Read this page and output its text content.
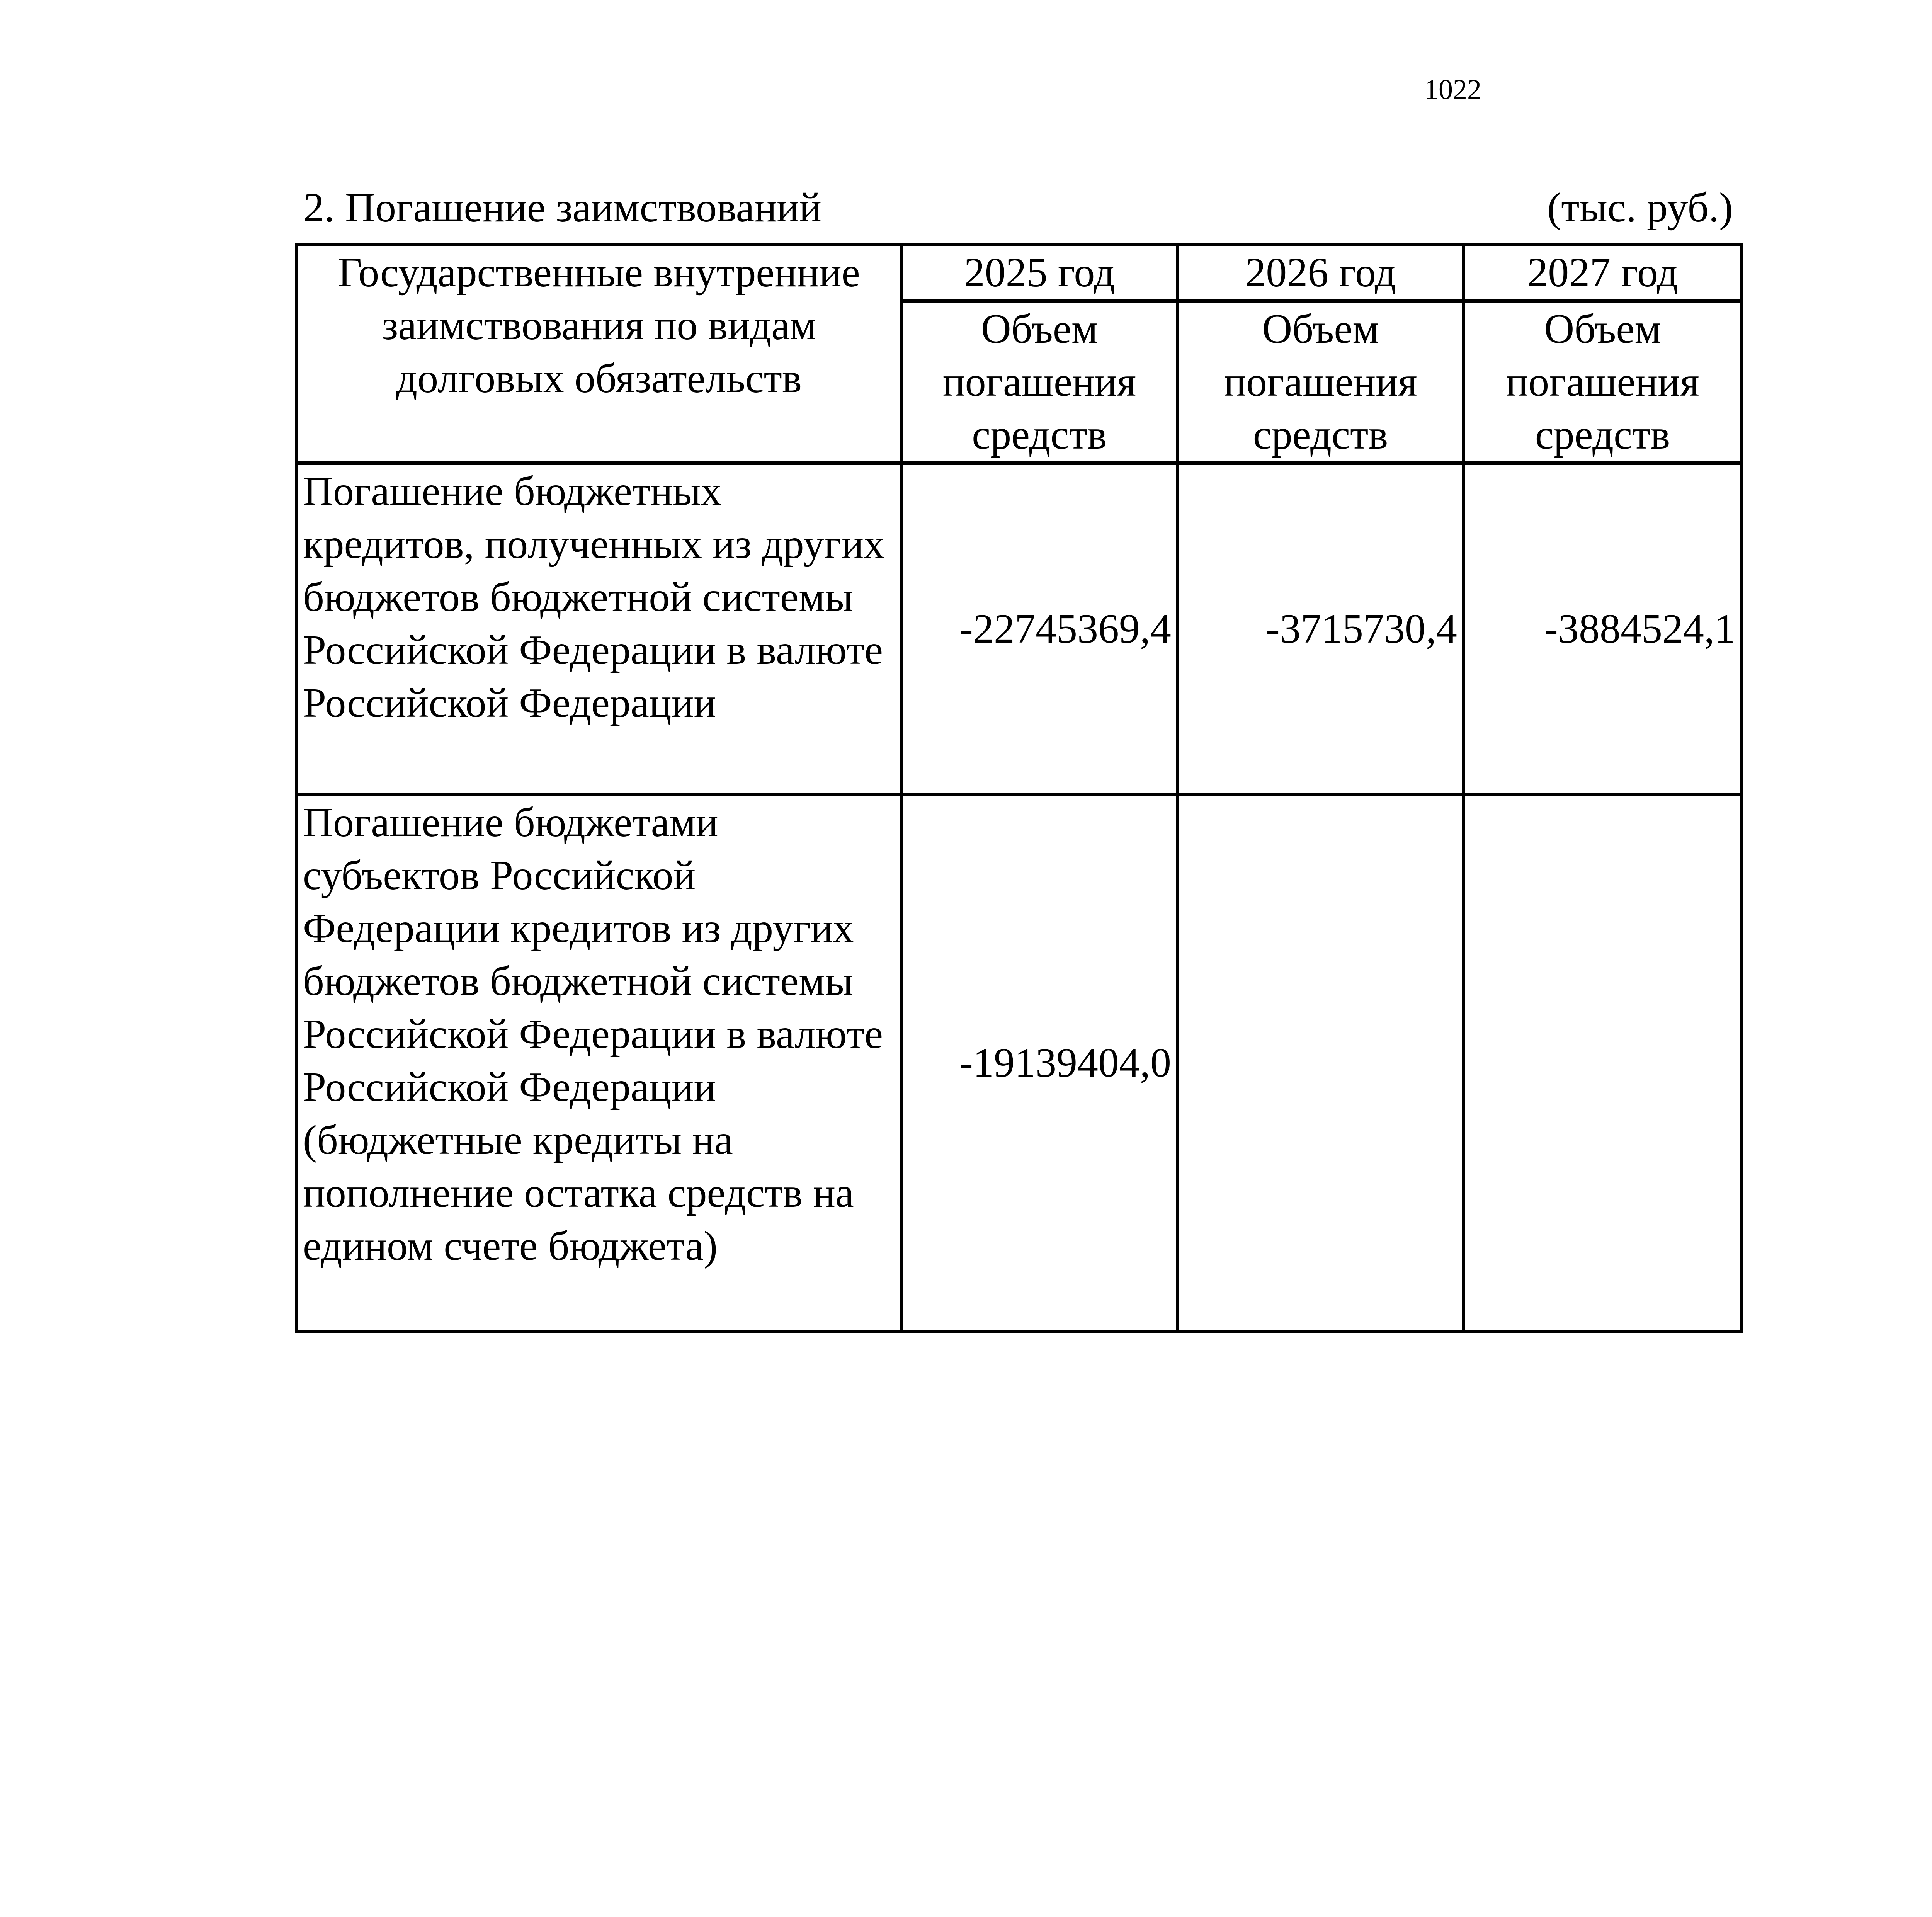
1022
2. Погашение заимствований	(тыс. руб.)
Государственные внутренние заимствования по видам долговых обязательств	2025 год	2026 год	2027 год
	Объем погашения средств	Объем погашения средств	Объем погашения средств
Погашение бюджетных кредитов, полученных из других бюджетов бюджетной системы Российской Федерации в валюте Российской Федерации	-22745369,4	-3715730,4	-3884524,1
Погашение бюджетами субъектов Российской Федерации кредитов из других бюджетов бюджетной системы Российской Федерации в валюте Российской Федерации (бюджетные кредиты на пополнение остатка средств на едином счете бюджета)	-19139404,0		
